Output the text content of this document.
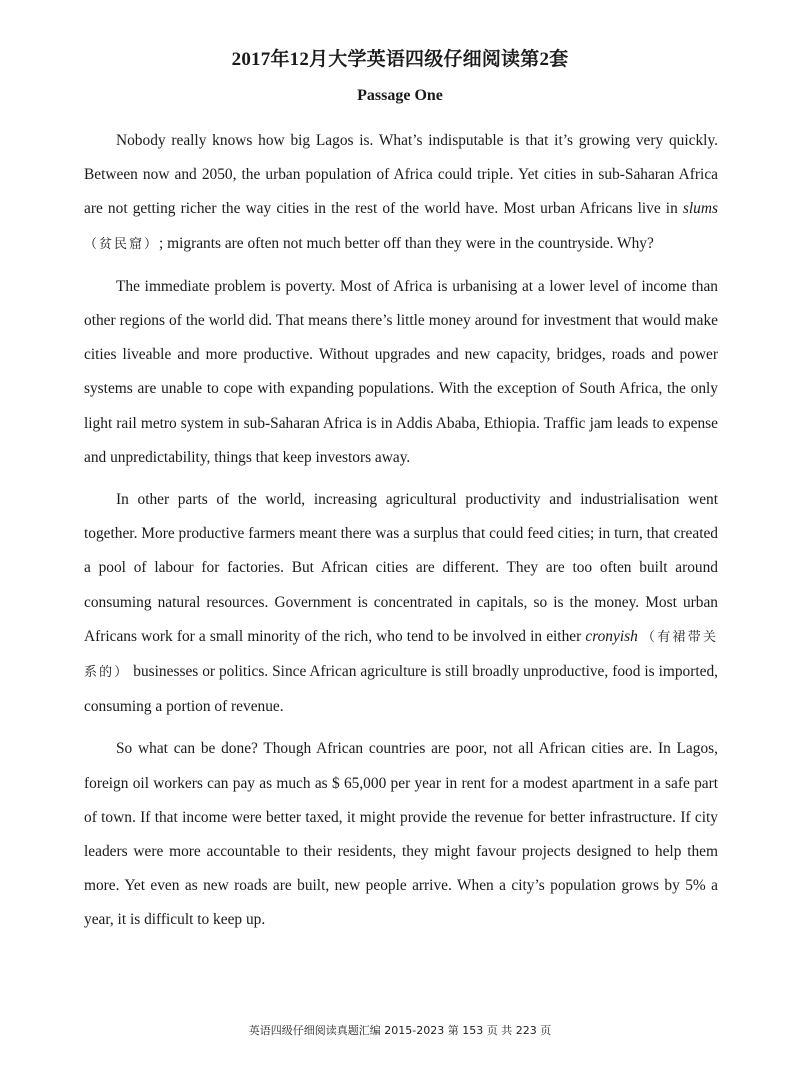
2017年12月大学英语四级仔细阅读第2套
Passage One

Nobody really knows how big Lagos is. What’s indisputable is that it’s growing very quickly. Between now and 2050, the urban population of Africa could triple. Yet cities in sub-Saharan Africa are not getting richer the way cities in the rest of the world have. Most urban Africans live in slums （贫民窟）; migrants are often not much better off than they were in the countryside. Why?

The immediate problem is poverty. Most of Africa is urbanising at a lower level of income than other regions of the world did. That means there’s little money around for investment that would make cities liveable and more productive. Without upgrades and new capacity, bridges, roads and power systems are unable to cope with expanding populations. With the exception of South Africa, the only light rail metro system in sub-Saharan Africa is in Addis Ababa, Ethiopia. Traffic jam leads to expense and unpredictability, things that keep investors away.

In other parts of the world, increasing agricultural productivity and industrialisation went together. More productive farmers meant there was a surplus that could feed cities; in turn, that created a pool of labour for factories. But African cities are different. They are too often built around consuming natural resources. Government is concentrated in capitals, so is the money. Most urban Africans work for a small minority of the rich, who tend to be involved in either cronyish （有裙带关系的） businesses or politics. Since African agriculture is still broadly unproductive, food is imported, consuming a portion of revenue.

So what can be done? Though African countries are poor, not all African cities are. In Lagos, foreign oil workers can pay as much as $ 65,000 per year in rent for a modest apartment in a safe part of town. If that income were better taxed, it might provide the revenue for better infrastructure. If city leaders were more accountable to their residents, they might favour projects designed to help them more. Yet even as new roads are built, new people arrive. When a city’s population grows by 5% a year, it is difficult to keep up.

英语四级仔细阅读真题汇编 2015-2023 第 153 页 共 223 页
